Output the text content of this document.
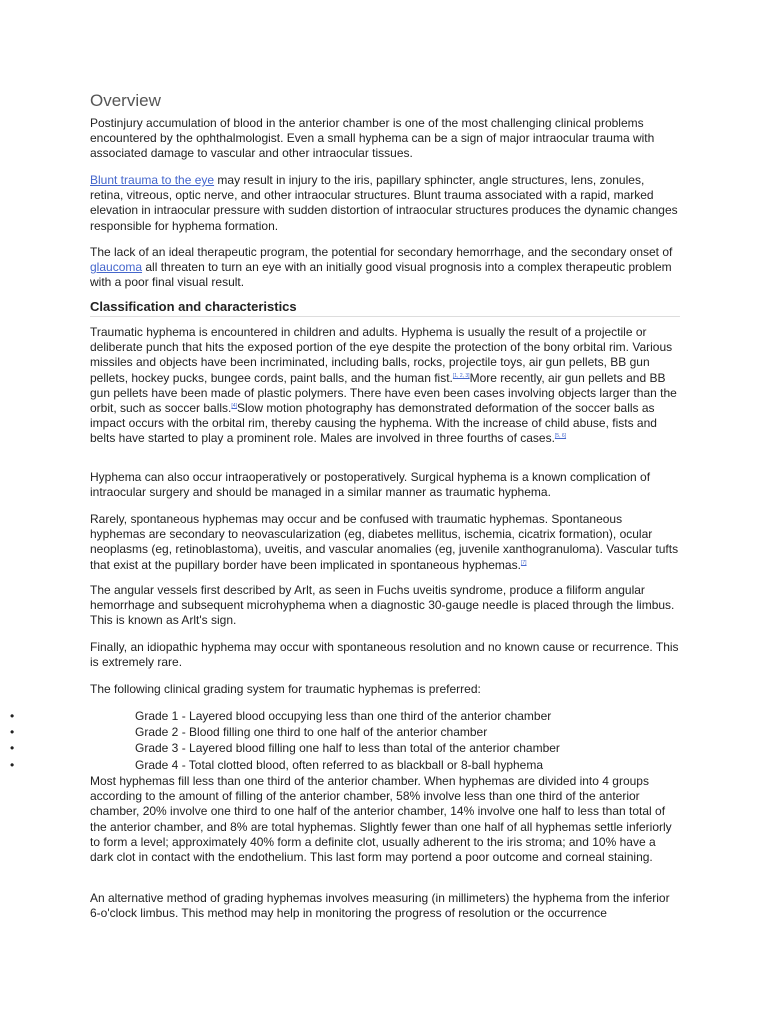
Overview

Postinjury accumulation of blood in the anterior chamber is one of the most challenging clinical problems encountered by the ophthalmologist. Even a small hyphema can be a sign of major intraocular trauma with associated damage to vascular and other intraocular tissues.

Blunt trauma to the eye may result in injury to the iris, papillary sphincter, angle structures, lens, zonules, retina, vitreous, optic nerve, and other intraocular structures. Blunt trauma associated with a rapid, marked elevation in intraocular pressure with sudden distortion of intraocular structures produces the dynamic changes responsible for hyphema formation.

The lack of an ideal therapeutic program, the potential for secondary hemorrhage, and the secondary onset of glaucoma all threaten to turn an eye with an initially good visual prognosis into a complex therapeutic problem with a poor final visual result.

Classification and characteristics

Traumatic hyphema is encountered in children and adults. Hyphema is usually the result of a projectile or deliberate punch that hits the exposed portion of the eye despite the protection of the bony orbital rim. Various missiles and objects have been incriminated, including balls, rocks, projectile toys, air gun pellets, BB gun pellets, hockey pucks, bungee cords, paint balls, and the human fist.[1, 2, 3]More recently, air gun pellets and BB gun pellets have been made of plastic polymers. There have even been cases involving objects larger than the orbit, such as soccer balls.[4]Slow motion photography has demonstrated deformation of the soccer balls as impact occurs with the orbital rim, thereby causing the hyphema. With the increase of child abuse, fists and belts have started to play a prominent role. Males are involved in three fourths of cases.[5, 6]

Hyphema can also occur intraoperatively or postoperatively. Surgical hyphema is a known complication of intraocular surgery and should be managed in a similar manner as traumatic hyphema.

Rarely, spontaneous hyphemas may occur and be confused with traumatic hyphemas. Spontaneous hyphemas are secondary to neovascularization (eg, diabetes mellitus, ischemia, cicatrix formation), ocular neoplasms (eg, retinoblastoma), uveitis, and vascular anomalies (eg, juvenile xanthogranuloma). Vascular tufts that exist at the pupillary border have been implicated in spontaneous hyphemas.[7]

The angular vessels first described by Arlt, as seen in Fuchs uveitis syndrome, produce a filiform angular hemorrhage and subsequent microhyphema when a diagnostic 30-gauge needle is placed through the limbus. This is known as Arlt's sign.

Finally, an idiopathic hyphema may occur with spontaneous resolution and no known cause or recurrence. This is extremely rare.

The following clinical grading system for traumatic hyphemas is preferred:

•	Grade 1 - Layered blood occupying less than one third of the anterior chamber
•	Grade 2 - Blood filling one third to one half of the anterior chamber
•	Grade 3 - Layered blood filling one half to less than total of the anterior chamber
•	Grade 4 - Total clotted blood, often referred to as blackball or 8-ball hyphema

Most hyphemas fill less than one third of the anterior chamber. When hyphemas are divided into 4 groups according to the amount of filling of the anterior chamber, 58% involve less than one third of the anterior chamber, 20% involve one third to one half of the anterior chamber, 14% involve one half to less than total of the anterior chamber, and 8% are total hyphemas. Slightly fewer than one half of all hyphemas settle inferiorly to form a level; approximately 40% form a definite clot, usually adherent to the iris stroma; and 10% have a dark clot in contact with the endothelium. This last form may portend a poor outcome and corneal staining.

An alternative method of grading hyphemas involves measuring (in millimeters) the hyphema from the inferior 6-o'clock limbus. This method may help in monitoring the progress of resolution or the occurrence
